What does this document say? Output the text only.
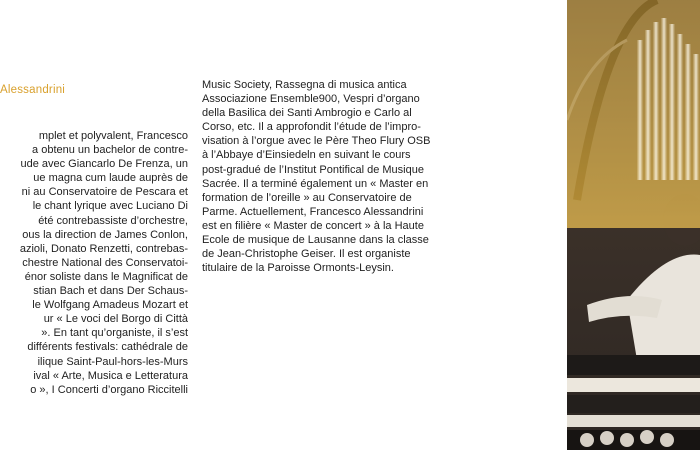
Alessandrini
mplet et polyvalent, Francesco
a obtenu un bachelor de contre-
ude avec Giancarlo De Frenza, un
ue magna cum laude auprès de
ni au Conservatoire de Pescara et
le chant lyrique avec Luciano Di
été contrebassiste d’orchestre,
ous la direction de James Conlon,
azioli, Donato Renzetti, contrebas-
chestre National des Conservatoi-
énor soliste dans le Magnificat de
stian Bach et dans Der Schaus-
le Wolfgang Amadeus Mozart et
ur « Le voci del Borgo di Città
». En tant qu’organiste, il s’est
différents festivals: cathédrale de
ilique Saint-Paul-hors-les-Murs
ival « Arte, Musica e Letteratura
o », I Concerti d’organo Riccitelli
Music Society, Rassegna di musica antica
Associazione Ensemble900, Vespri d’organo
della Basilica dei Santi Ambrogio e Carlo al
Corso, etc. Il a approfondit l’étude de l’impro-
visation à l’orgue avec le Père Theo Flury OSB
à l’Abbaye d’Einsiedeln en suivant le cours
post-gradué de l’Institut Pontifical de Musique
Sacrée. Il a terminé également un « Master en
formation de l’oreille » au Conservatoire de
Parme. Actuellement, Francesco Alessandrini
est en filière « Master de concert » à la Haute
Ecole de musique de Lausanne dans la classe
de Jean-Christophe Geiser. Il est organiste
titulaire de la Paroisse Ormonts-Leysin.
